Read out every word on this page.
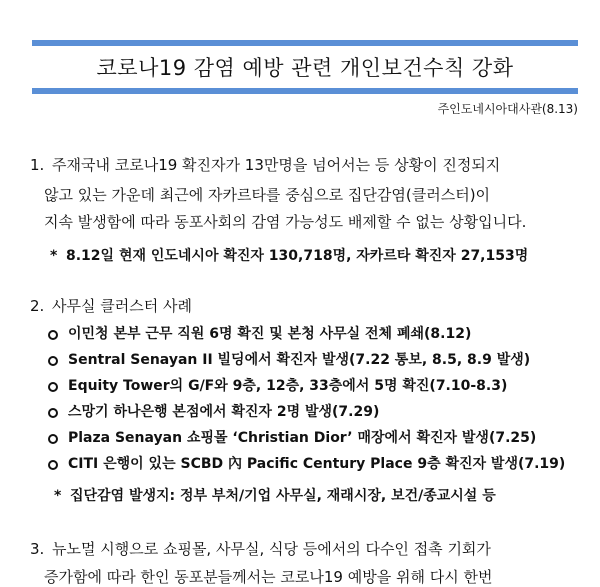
코로나19 감염 예방 관련 개인보건수칙 강화
주인도네시아대사관(8.13)
1. 주재국내 코로나19 확진자가 13만명을 넘어서는 등 상황이 진정되지
않고 있는 가운데 최근에 자카르타를 중심으로 집단감염(클러스터)이
지속 발생함에 따라 동포사회의 감염 가능성도 배제할 수 없는 상황입니다.
* 8.12일 현재 인도네시아 확진자 130,718명, 자카르타 확진자 27,153명
2. 사무실 클러스터 사례
이민청 본부 근무 직원 6명 확진 및 본청 사무실 전체 폐쇄(8.12)
Sentral Senayan II 빌딩에서 확진자 발생(7.22 통보, 8.5, 8.9 발생)
Equity Tower의 G/F와 9층, 12층, 33층에서 5명 확진(7.10-8.3)
스망기 하나은행 본점에서 확진자 2명 발생(7.29)
Plaza Senayan 쇼핑몰 ‘Christian Dior’ 매장에서 확진자 발생(7.25)
CITI 은행이 있는 SCBD 內 Pacific Century Place 9층 확진자 발생(7.19)
* 집단감염 발생지: 정부 부처/기업 사무실, 재래시장, 보건/종교시설 등
3. 뉴노멀 시행으로 쇼핑몰, 사무실, 식당 등에서의 다수인 접촉 기회가
증가함에 따라 한인 동포분들께서는 코로나19 예방을 위해 다시 한번
